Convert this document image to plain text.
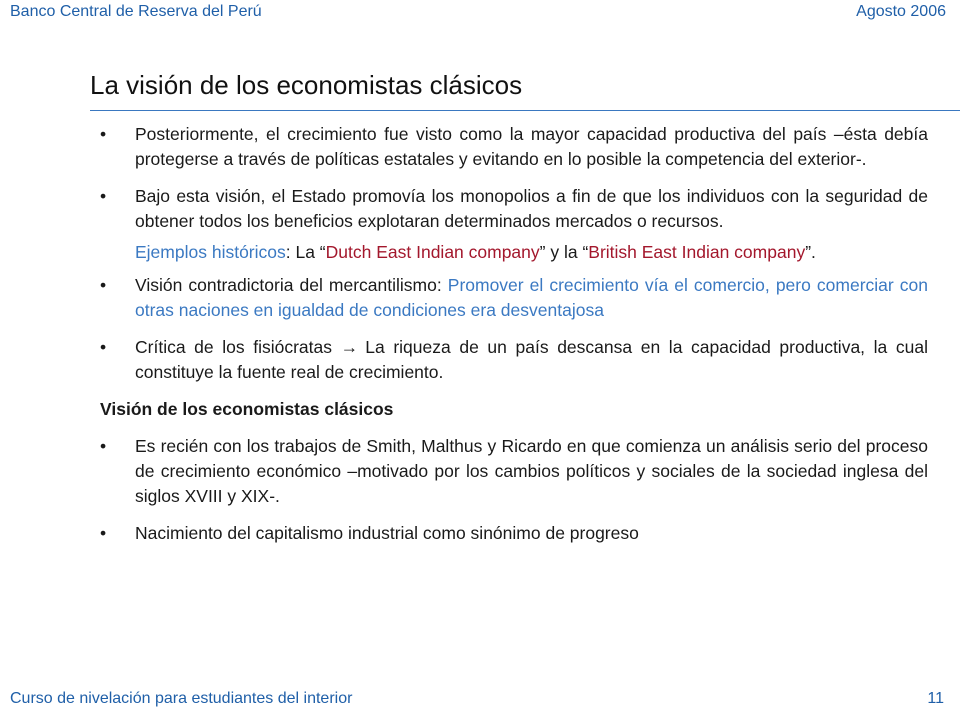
Banco Central de Reserva del Perú	Agosto 2006
La visión de los economistas clásicos
• Posteriormente, el crecimiento fue visto como la mayor capacidad productiva del país –ésta debía protegerse a través de políticas estatales y evitando en lo posible la competencia del exterior-.
• Bajo esta visión, el Estado promovía los monopolios a fin de que los individuos con la seguridad de obtener todos los beneficios explotaran determinados mercados o recursos.
Ejemplos históricos: La “Dutch East Indian company” y la “British East Indian company”.
• Visión contradictoria del mercantilismo: Promover el crecimiento vía el comercio, pero comerciar con otras naciones en igualdad de condiciones era desventajosa
• Crítica de los fisiócratas → La riqueza de un país descansa en la capacidad productiva, la cual constituye la fuente real de crecimiento.
Visión de los economistas clásicos
• Es recién con los trabajos de Smith, Malthus y Ricardo en que comienza un análisis serio del proceso de crecimiento económico –motivado por los cambios políticos y sociales de la sociedad inglesa del siglos XVIII y XIX-.
• Nacimiento del capitalismo industrial como sinónimo de progreso
Curso de nivelación para estudiantes del interior	11
